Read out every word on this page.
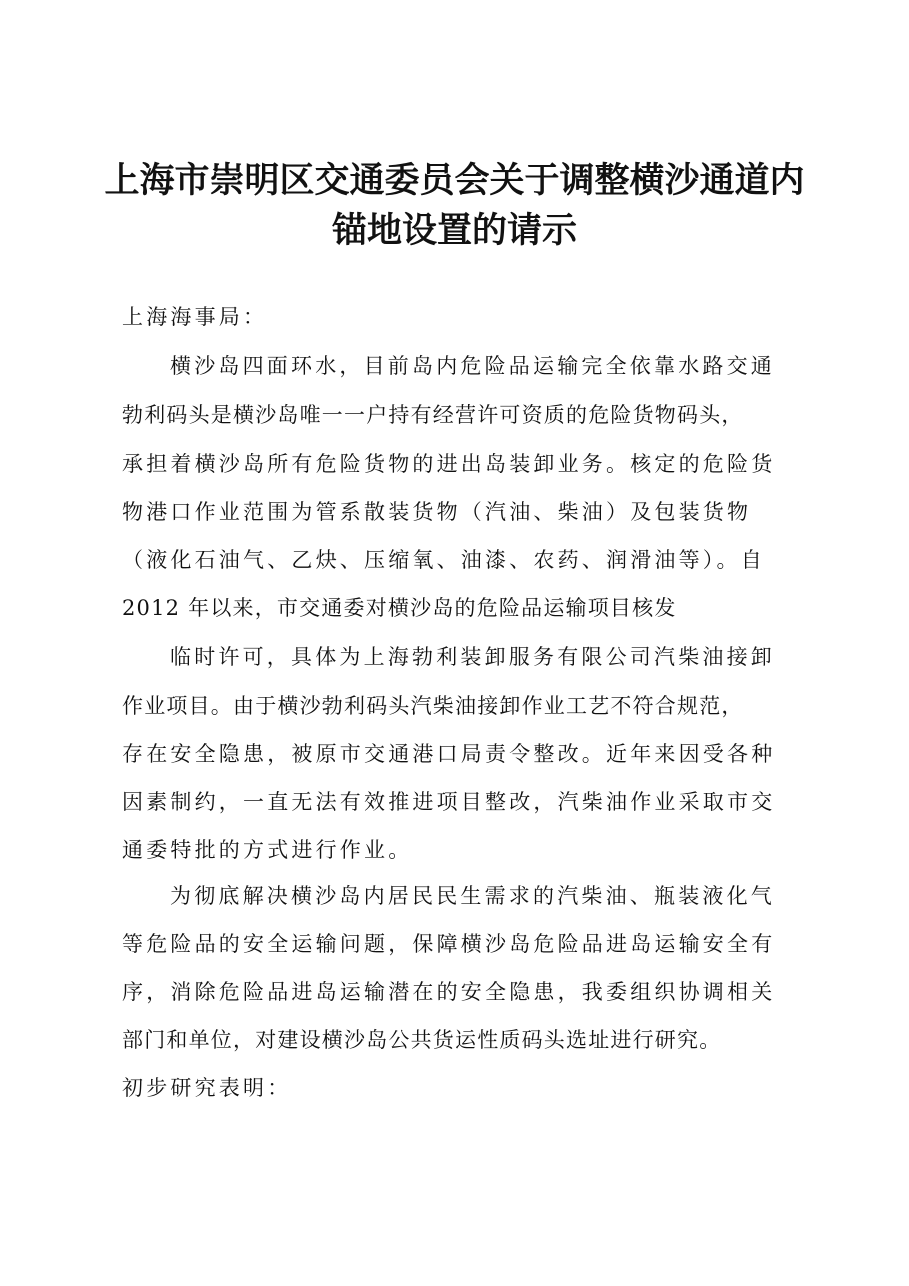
上海市崇明区交通委员会关于调整横沙通道内
锚地设置的请示
上海海事局：
横沙岛四面环水，目前岛内危险品运输完全依靠水路交通
勃利码头是横沙岛唯一一户持有经营许可资质的危险货物码头，
承担着横沙岛所有危险货物的进出岛装卸业务。核定的危险货
物港口作业范围为管系散装货物（汽油、柴油）及包装货物
（液化石油气、乙炔、压缩氧、油漆、农药、润滑油等）。自
2012 年以来，市交通委对横沙岛的危险品运输项目核发
临时许可，具体为上海勃利装卸服务有限公司汽柴油接卸
作业项目。由于横沙勃利码头汽柴油接卸作业工艺不符合规范，
存在安全隐患，被原市交通港口局责令整改。近年来因受各种
因素制约，一直无法有效推进项目整改，汽柴油作业采取市交
通委特批的方式进行作业。
为彻底解决横沙岛内居民民生需求的汽柴油、瓶装液化气
等危险品的安全运输问题，保障横沙岛危险品进岛运输安全有
序，消除危险品进岛运输潜在的安全隐患，我委组织协调相关
部门和单位，对建设横沙岛公共货运性质码头选址进行研究。
初步研究表明：
